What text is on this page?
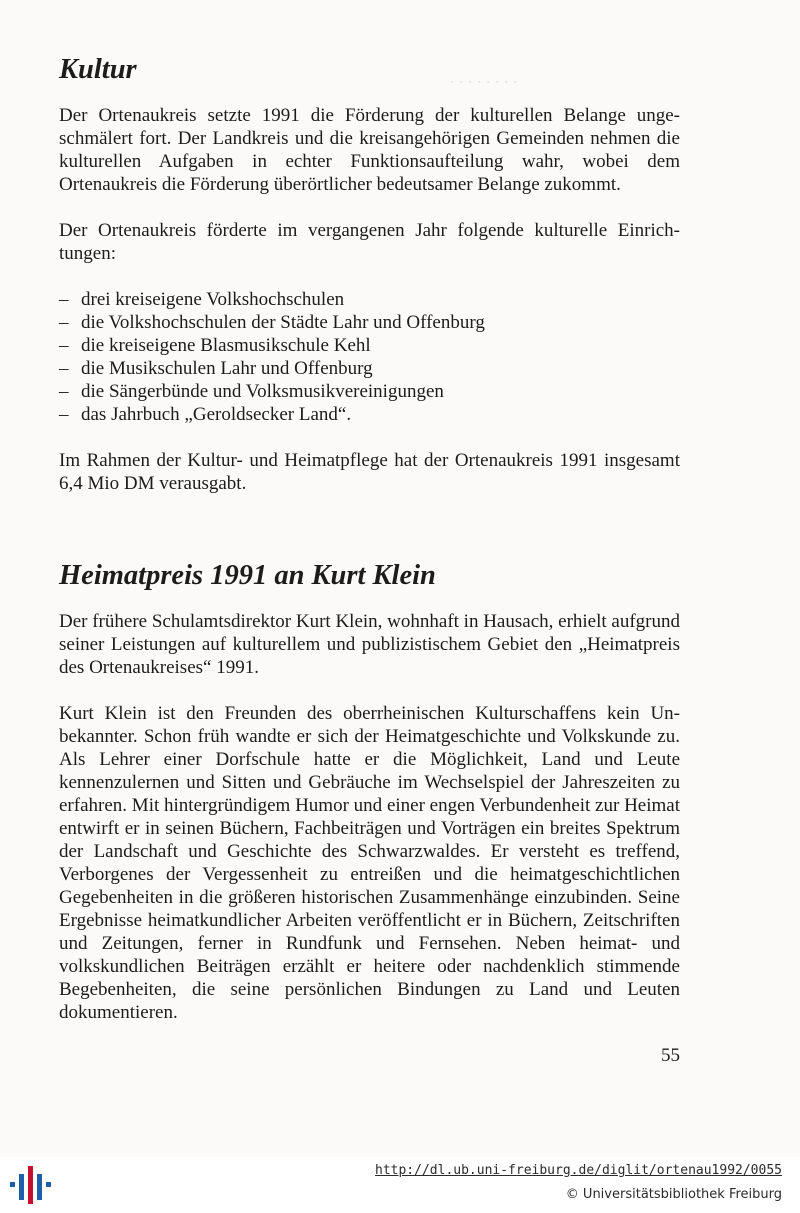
. . . . . . . .
Kultur

Der Ortenaukreis setzte 1991 die Förderung der kulturellen Belange ungeschmälert fort. Der Landkreis und die kreisangehörigen Gemeinden nehmen die kulturellen Aufgaben in echter Funktionsaufteilung wahr, wobei dem Ortenaukreis die Förderung überörtlicher bedeutsamer Belange zukommt.

Der Ortenaukreis förderte im vergangenen Jahr folgende kulturelle Einrichtungen:

– drei kreiseigene Volkshochschulen
– die Volkshochschulen der Städte Lahr und Offenburg
– die kreiseigene Blasmusikschule Kehl
– die Musikschulen Lahr und Offenburg
– die Sängerbünde und Volksmusikvereinigungen
– das Jahrbuch „Geroldsecker Land“.

Im Rahmen der Kultur- und Heimatpflege hat der Ortenaukreis 1991 insgesamt 6,4 Mio DM verausgabt.

Heimatpreis 1991 an Kurt Klein

Der frühere Schulamtsdirektor Kurt Klein, wohnhaft in Hausach, erhielt aufgrund seiner Leistungen auf kulturellem und publizistischem Gebiet den „Heimatpreis des Ortenaukreises“ 1991.

Kurt Klein ist den Freunden des oberrheinischen Kulturschaffens kein Unbekannter. Schon früh wandte er sich der Heimatgeschichte und Volkskunde zu. Als Lehrer einer Dorfschule hatte er die Möglichkeit, Land und Leute kennenzulernen und Sitten und Gebräuche im Wechselspiel der Jahreszeiten zu erfahren. Mit hintergründigem Humor und einer engen Verbundenheit zur Heimat entwirft er in seinen Büchern, Fachbeiträgen und Vorträgen ein breites Spektrum der Landschaft und Geschichte des Schwarzwaldes. Er versteht es treffend, Verborgenes der Vergessenheit zu entreißen und die heimatgeschichtlichen Gegebenheiten in die größeren historischen Zusammenhänge einzubinden. Seine Ergebnisse heimatkundlicher Arbeiten veröffentlicht er in Büchern, Zeitschriften und Zeitungen, ferner in Rundfunk und Fernsehen. Neben heimat- und volkskundlichen Beiträgen erzählt er heitere oder nachdenklich stimmende Begebenheiten, die seine persönlichen Bindungen zu Land und Leuten dokumentieren.

55
http://dl.ub.uni-freiburg.de/diglit/ortenau1992/0055
© Universitätsbibliothek Freiburg
